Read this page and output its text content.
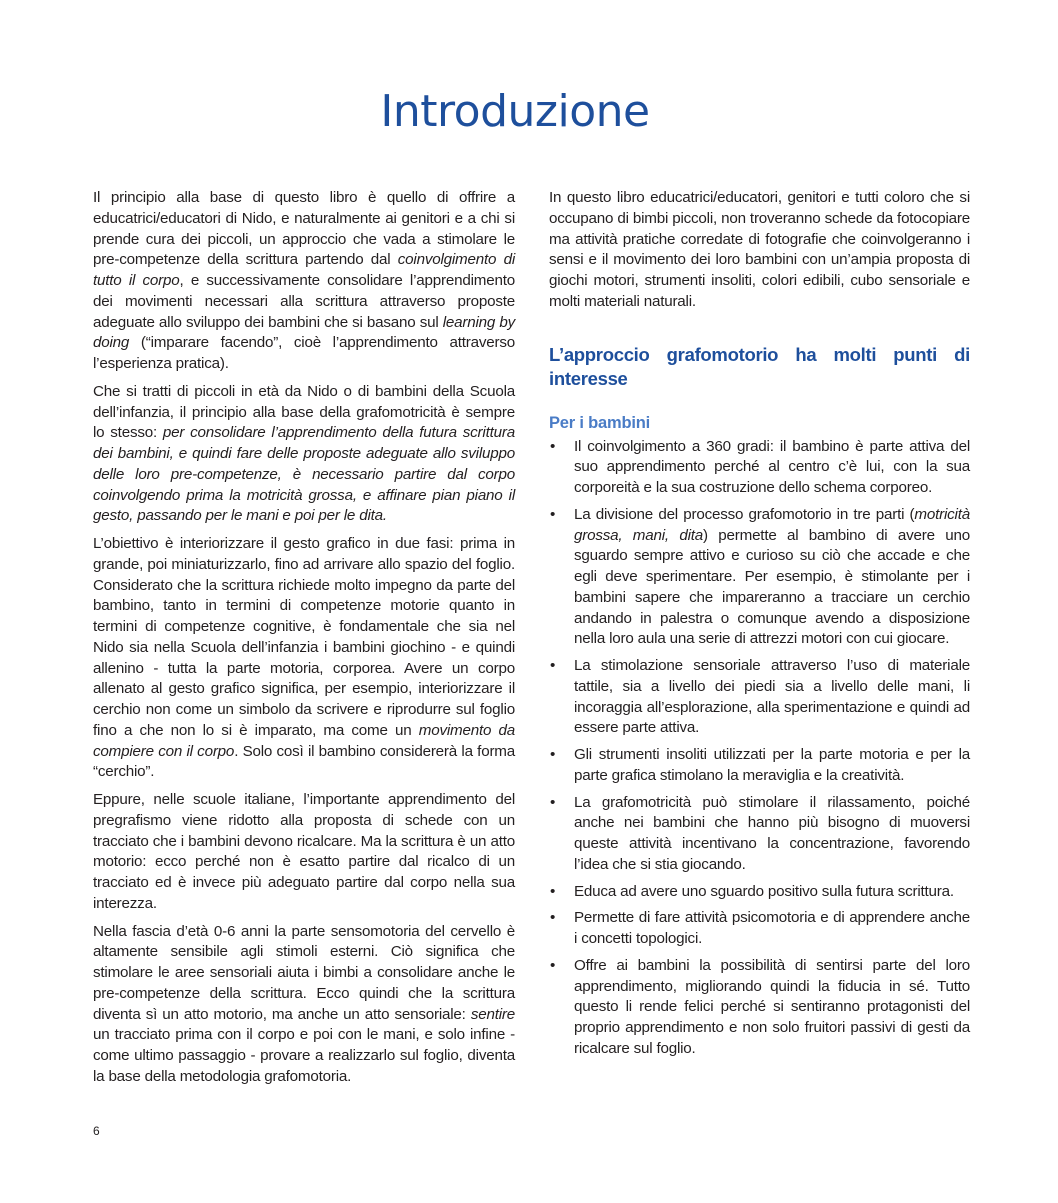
Introduzione

Il principio alla base di questo libro è quello di offrire a educatrici/educatori di Nido, e naturalmente ai genitori e a chi si prende cura dei piccoli, un approccio che vada a stimolare le pre-competenze della scrittura partendo dal coinvolgimento di tutto il corpo, e successivamente consolidare l’apprendimento dei movimenti necessari alla scrittura attraverso proposte adeguate allo sviluppo dei bambini che si basano sul learning by doing (“imparare facendo”, cioè l’apprendimento attraverso l’esperienza pratica).

Che si tratti di piccoli in età da Nido o di bambini della Scuola dell’infanzia, il principio alla base della grafomotricità è sempre lo stesso: per consolidare l’apprendimento della futura scrittura dei bambini, e quindi fare delle proposte adeguate allo sviluppo delle loro pre-competenze, è necessario partire dal corpo coinvolgendo prima la motricità grossa, e affinare pian piano il gesto, passando per le mani e poi per le dita.

L’obiettivo è interiorizzare il gesto grafico in due fasi: prima in grande, poi miniaturizzarlo, fino ad arrivare allo spazio del foglio. Considerato che la scrittura richiede molto impegno da parte del bambino, tanto in termini di competenze motorie quanto in termini di competenze cognitive, è fondamentale che sia nel Nido sia nella Scuola dell’infanzia i bambini giochino - e quindi allenino - tutta la parte motoria, corporea. Avere un corpo allenato al gesto grafico significa, per esempio, interiorizzare il cerchio non come un simbolo da scrivere e riprodurre sul foglio fino a che non lo si è imparato, ma come un movimento da compiere con il corpo. Solo così il bambino considererà la forma “cerchio”.

Eppure, nelle scuole italiane, l’importante apprendimento del pregrafismo viene ridotto alla proposta di schede con un tracciato che i bambini devono ricalcare. Ma la scrittura è un atto motorio: ecco perché non è esatto partire dal ricalco di un tracciato ed è invece più adeguato partire dal corpo nella sua interezza.

Nella fascia d’età 0-6 anni la parte sensomotoria del cervello è altamente sensibile agli stimoli esterni. Ciò significa che stimolare le aree sensoriali aiuta i bimbi a consolidare anche le pre-competenze della scrittura. Ecco quindi che la scrittura diventa sì un atto motorio, ma anche un atto sensoriale: sentire un tracciato prima con il corpo e poi con le mani, e solo infine - come ultimo passaggio - provare a realizzarlo sul foglio, diventa la base della metodologia grafomotoria.

In questo libro educatrici/educatori, genitori e tutti coloro che si occupano di bimbi piccoli, non troveranno schede da fotocopiare ma attività pratiche corredate di fotografie che coinvolgeranno i sensi e il movimento dei loro bambini con un’ampia proposta di giochi motori, strumenti insoliti, colori edibili, cubo sensoriale e molti materiali naturali.

L’approccio grafomotorio ha molti punti di interesse
Per i bambini
• Il coinvolgimento a 360 gradi: il bambino è parte attiva del suo apprendimento perché al centro c’è lui, con la sua corporeità e la sua costruzione dello schema corporeo.
• La divisione del processo grafomotorio in tre parti (motricità grossa, mani, dita) permette al bambino di avere uno sguardo sempre attivo e curioso su ciò che accade e che egli deve sperimentare. Per esempio, è stimolante per i bambini sapere che impareranno a tracciare un cerchio andando in palestra o comunque avendo a disposizione nella loro aula una serie di attrezzi motori con cui giocare.
• La stimolazione sensoriale attraverso l’uso di materiale tattile, sia a livello dei piedi sia a livello delle mani, li incoraggia all’esplorazione, alla sperimentazione e quindi ad essere parte attiva.
• Gli strumenti insoliti utilizzati per la parte motoria e per la parte grafica stimolano la meraviglia e la creatività.
• La grafomotricità può stimolare il rilassamento, poiché anche nei bambini che hanno più bisogno di muoversi queste attività incentivano la concentrazione, favorendo l’idea che si stia giocando.
• Educa ad avere uno sguardo positivo sulla futura scrittura.
• Permette di fare attività psicomotoria e di apprendere anche i concetti topologici.
• Offre ai bambini la possibilità di sentirsi parte del loro apprendimento, migliorando quindi la fiducia in sé. Tutto questo li rende felici perché si sentiranno protagonisti del proprio apprendimento e non solo fruitori passivi di gesti da ricalcare sul foglio.
6
